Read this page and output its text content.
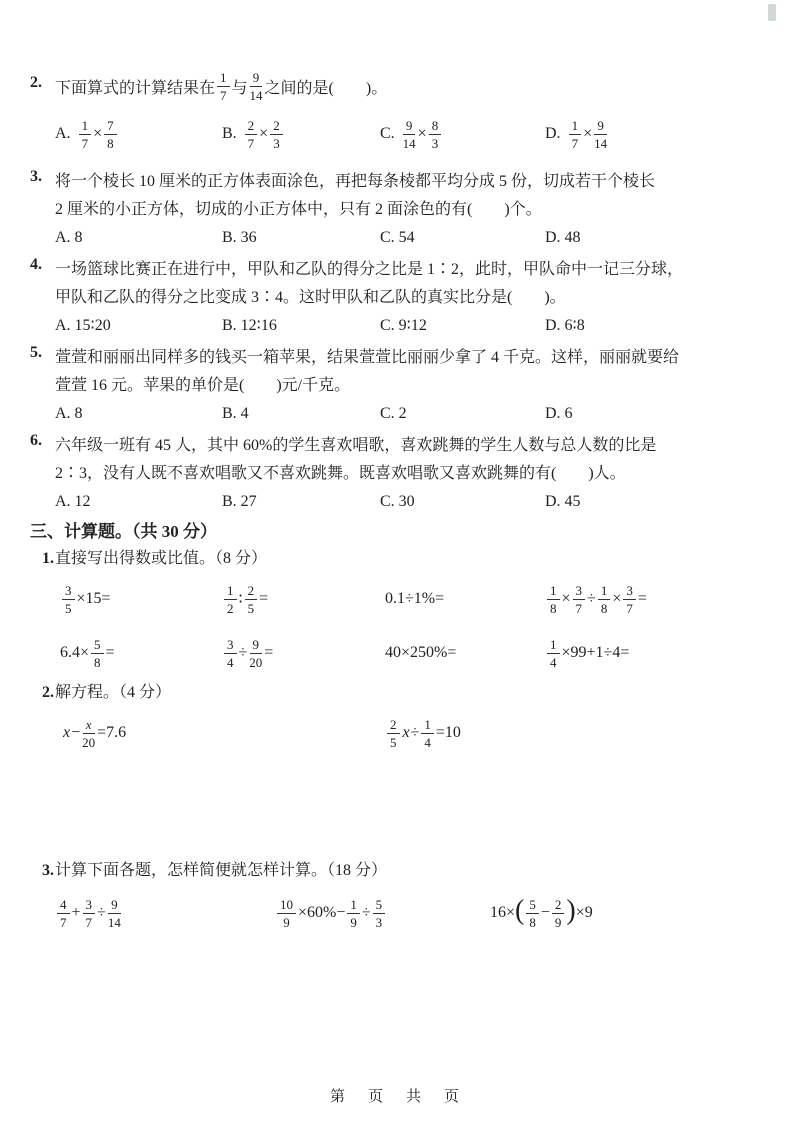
2. 下面算式的计算结果在 $\frac{1}{7}$ 与 $\frac{9}{14}$ 之间的是(　　)。
A. $\frac{1}{7} \times \frac{7}{8}$	B. $\frac{2}{7} \times \frac{2}{3}$	C. $\frac{9}{14} \times \frac{8}{3}$	D. $\frac{1}{7} \times \frac{9}{14}$
3. 将一个棱长 10 厘米的正方体表面涂色，再把每条棱都平均分成 5 份，切成若干个棱长
2 厘米的小正方体，切成的小正方体中，只有 2 面涂色的有(　　)个。
A. 8	B. 36	C. 54	D. 48
4. 一场篮球比赛正在进行中，甲队和乙队的得分之比是 1∶2，此时，甲队命中一记三分球，
甲队和乙队的得分之比变成 3∶4。这时甲队和乙队的真实比分是(　　)。
A. 15∶20	B. 12∶16	C. 9∶12	D. 6∶8
5. 萱萱和丽丽出同样多的钱买一箱苹果，结果萱萱比丽丽少拿了 4 千克。这样，丽丽就要给
萱萱 16 元。苹果的单价是(　　)元/千克。
A. 8	B. 4	C. 2	D. 6
6. 六年级一班有 45 人，其中 60%的学生喜欢唱歌，喜欢跳舞的学生人数与总人数的比是
2∶3，没有人既不喜欢唱歌又不喜欢跳舞。既喜欢唱歌又喜欢跳舞的有(　　)人。
A. 12	B. 27	C. 30	D. 45
三、计算题。（共 30 分）
1. 直接写出得数或比值。（8 分）
$\frac{3}{5} \times 15=$	$\frac{1}{2}$ ∶ $\frac{2}{5}$ =	0.1÷1%=	$\frac{1}{8} \times \frac{3}{7} \div \frac{1}{8} \times \frac{3}{7}$ =
$6.4\times \frac{5}{8}$ =	$\frac{3}{4} \div \frac{9}{20}$ =	40×250%=	$\frac{1}{4} \times 99+1\div 4=$
2. 解方程。（4 分）
$x - \frac{x}{20} =7.6$	$\frac{2}{5}$ $x \div \frac{1}{4} =10$
3. 计算下面各题，怎样简便就怎样计算。（18 分）
$\frac{4}{7} + \frac{3}{7} \div \frac{9}{14}$	$\frac{10}{9} \times 60\%- \frac{1}{9} \div \frac{5}{3}$	16× ( $\frac{5}{8} - \frac{2}{9}$ ) ×9
第　页　共　页
